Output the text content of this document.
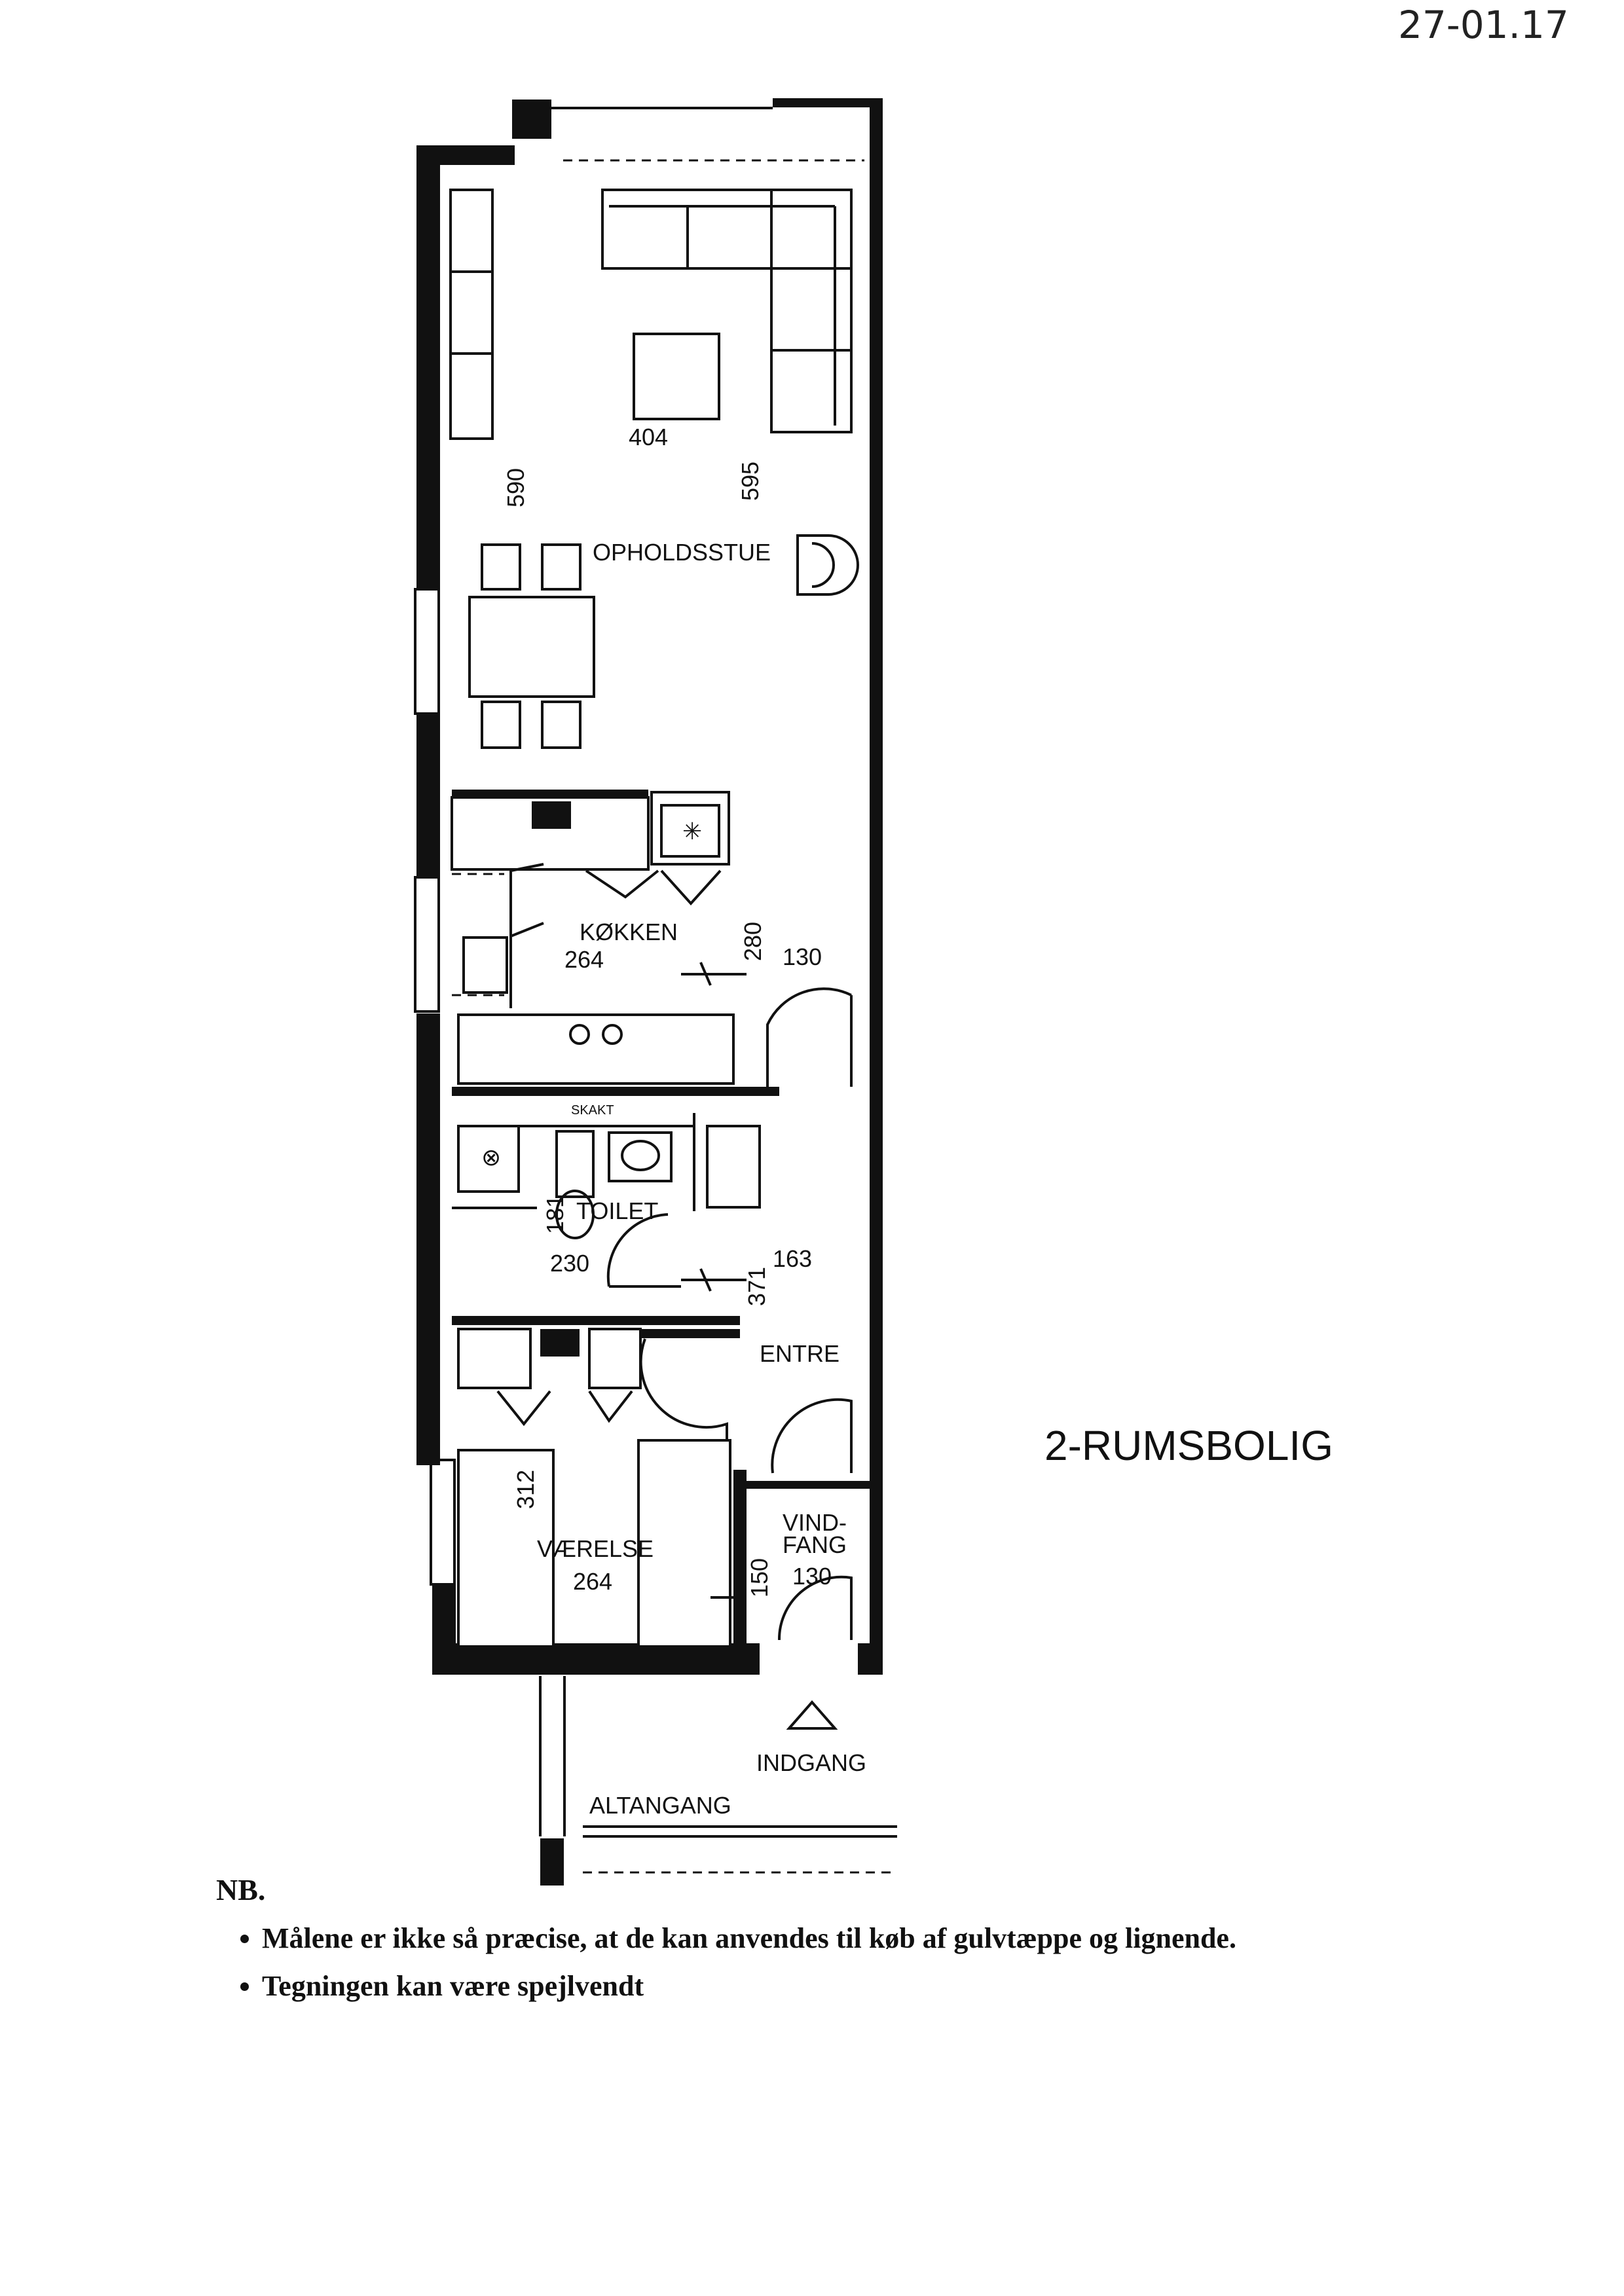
27-01.17
✳
⊗
OPHOLDSSTUE
KØKKEN
SKAKT
TOILET
ENTRE
VÆRELSE
VIND-
FANG
INDGANG
ALTANGANG
404
590	595
264	280 130
181
230
371
163
312
264	150 130
2-RUMSBOLIG
NB.
• Målene er ikke så præcise, at de kan anvendes til køb af gulvtæppe og lignende.
• Tegningen kan være spejlvendt
